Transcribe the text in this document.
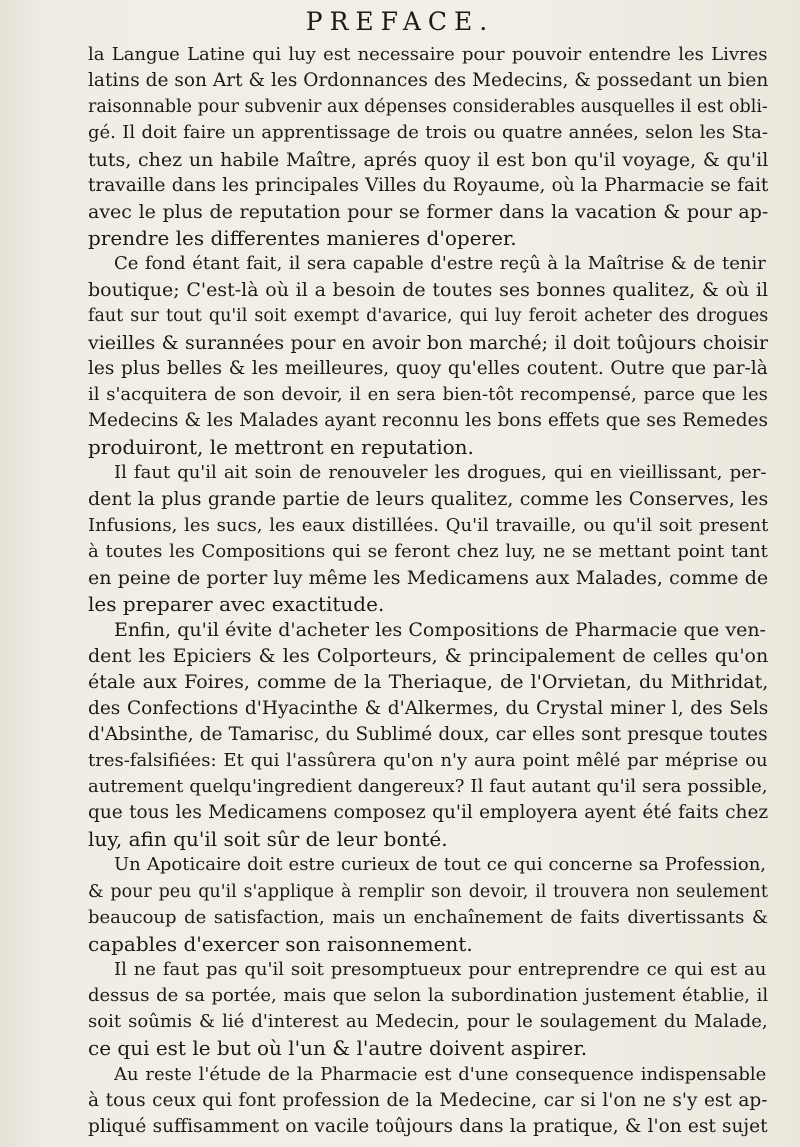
PREFACE.
la Langue Latine qui luy est necessaire pour pouvoir entendre les Livres
latins de son Art & les Ordonnances des Medecins, & possedant un bien
raisonnable pour subvenir aux dépenses considerables ausquelles il est obli-
gé. Il doit faire un apprentissage de trois ou quatre années, selon les Sta-
tuts, chez un habile Maître, aprés quoy il est bon qu'il voyage, & qu'il
travaille dans les principales Villes du Royaume, où la Pharmacie se fait
avec le plus de reputation pour se former dans la vacation & pour ap-
prendre les differentes manieres d'operer.
Ce fond étant fait, il sera capable d'estre reçû à la Maîtrise & de tenir
boutique; C'est-là où il a besoin de toutes ses bonnes qualitez, & où il
faut sur tout qu'il soit exempt d'avarice, qui luy feroit acheter des drogues
vieilles & surannées pour en avoir bon marché; il doit toûjours choisir
les plus belles & les meilleures, quoy qu'elles coutent. Outre que par-là
il s'acquitera de son devoir, il en sera bien-tôt recompensé, parce que les
Medecins & les Malades ayant reconnu les bons effets que ses Remedes
produiront, le mettront en reputation.
Il faut qu'il ait soin de renouveler les drogues, qui en vieillissant, per-
dent la plus grande partie de leurs qualitez, comme les Conserves, les
Infusions, les sucs, les eaux distillées. Qu'il travaille, ou qu'il soit present
à toutes les Compositions qui se feront chez luy, ne se mettant point tant
en peine de porter luy même les Medicamens aux Malades, comme de
les preparer avec exactitude.
Enfin, qu'il évite d'acheter les Compositions de Pharmacie que ven-
dent les Epiciers & les Colporteurs, & principalement de celles qu'on
étale aux Foires, comme de la Theriaque, de l'Orvietan, du Mithridat,
des Confections d'Hyacinthe & d'Alkermes, du Crystal miner l, des Sels
d'Absinthe, de Tamarisc, du Sublimé doux, car elles sont presque toutes
tres-falsifiées: Et qui l'assûrera qu'on n'y aura point mêlé par méprise ou
autrement quelqu'ingredient dangereux? Il faut autant qu'il sera possible,
que tous les Medicamens composez qu'il employera ayent été faits chez
luy, afin qu'il soit sûr de leur bonté.
Un Apoticaire doit estre curieux de tout ce qui concerne sa Profession,
& pour peu qu'il s'applique à remplir son devoir, il trouvera non seulement
beaucoup de satisfaction, mais un enchaînement de faits divertissants &
capables d'exercer son raisonnement.
Il ne faut pas qu'il soit presomptueux pour entreprendre ce qui est au
dessus de sa portée, mais que selon la subordination justement établie, il
soit soûmis & lié d'interest au Medecin, pour le soulagement du Malade,
ce qui est le but où l'un & l'autre doivent aspirer.
Au reste l'étude de la Pharmacie est d'une consequence indispensable
à tous ceux qui font profession de la Medecine, car si l'on ne s'y est ap-
pliqué suffisamment on vacile toûjours dans la pratique, & l'on est sujet
